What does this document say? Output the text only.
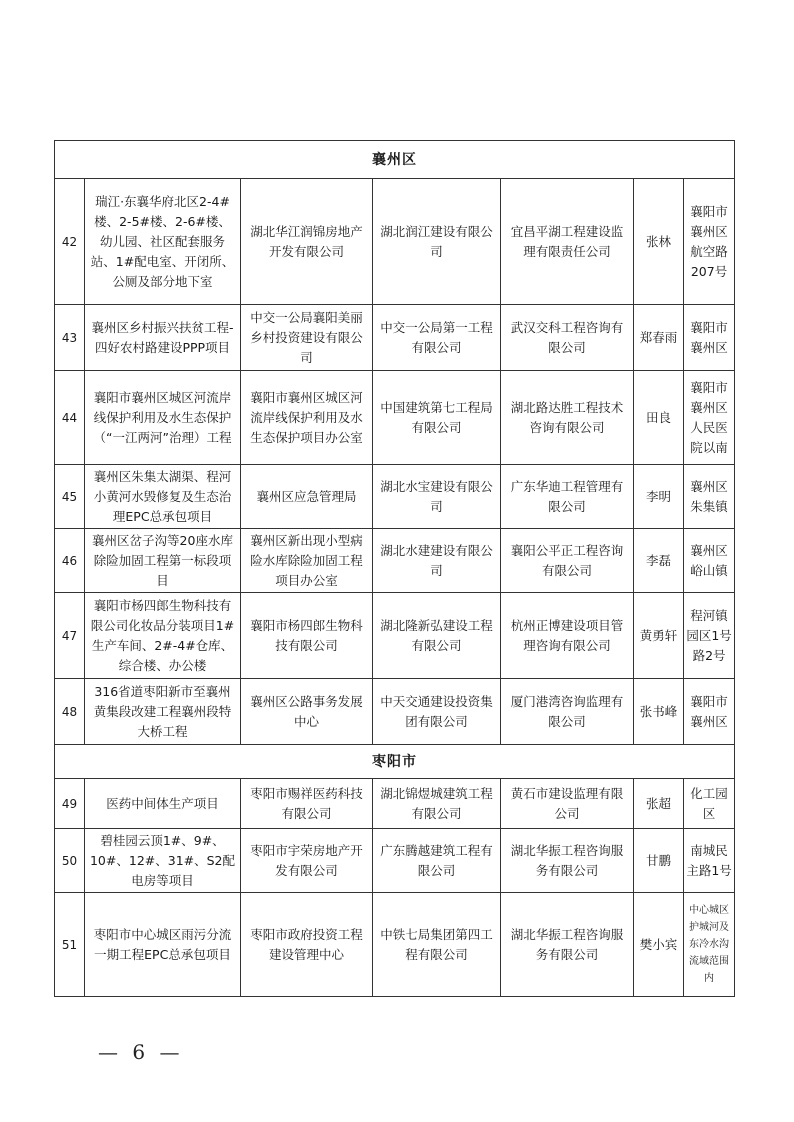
襄州区						
42	瑞江·东襄华府北区2-4#楼、2-5#楼、2-6#楼、幼儿园、社区配套服务站、1#配电室、开闭所、公厕及部分地下室	湖北华江润锦房地产开发有限公司	湖北润江建设有限公司	宜昌平湖工程建设监理有限责任公司	张林	襄阳市襄州区航空路207号
43	襄州区乡村振兴扶贫工程-四好农村路建设PPP项目	中交一公局襄阳美丽乡村投资建设有限公司	中交一公局第一工程有限公司	武汉交科工程咨询有限公司	郑春雨	襄阳市襄州区
44	襄阳市襄州区城区河流岸线保护利用及水生态保护（“一江两河”治理）工程	襄阳市襄州区城区河流岸线保护利用及水生态保护项目办公室	中国建筑第七工程局有限公司	湖北路达胜工程技术咨询有限公司	田良	襄阳市襄州区人民医院以南
45	襄州区朱集太湖渠、程河小黄河水毁修复及生态治理EPC总承包项目	襄州区应急管理局	湖北水宝建设有限公司	广东华迪工程管理有限公司	李明	襄州区朱集镇
46	襄州区岔子沟等20座水库除险加固工程第一标段项目	襄州区新出现小型病险水库除险加固工程项目办公室	湖北水建建设有限公司	襄阳公平正工程咨询有限公司	李磊	襄州区峪山镇
47	襄阳市杨四郎生物科技有限公司化妆品分装项目1#生产车间、2#-4#仓库、综合楼、办公楼	襄阳市杨四郎生物科技有限公司	湖北隆新弘建设工程有限公司	杭州正博建设项目管理咨询有限公司	黄勇轩	程河镇园区1号路2号
48	316省道枣阳新市至襄州黄集段改建工程襄州段特大桥工程	襄州区公路事务发展中心	中天交通建设投资集团有限公司	厦门港湾咨询监理有限公司	张书峰	襄阳市襄州区
枣阳市						
49	医药中间体生产项目	枣阳市赐祥医药科技有限公司	湖北锦煜城建筑工程有限公司	黄石市建设监理有限公司	张超	化工园区
50	碧桂园云顶1#、9#、10#、12#、31#、S2配电房等项目	枣阳市宇荣房地产开发有限公司	广东腾越建筑工程有限公司	湖北华振工程咨询服务有限公司	甘鹏	南城民主路1号
51	枣阳市中心城区雨污分流一期工程EPC总承包项目	枣阳市政府投资工程建设管理中心	中铁七局集团第四工程有限公司	湖北华振工程咨询服务有限公司	樊小宾	中心城区护城河及东冷水沟流域范围内
— 6 —
